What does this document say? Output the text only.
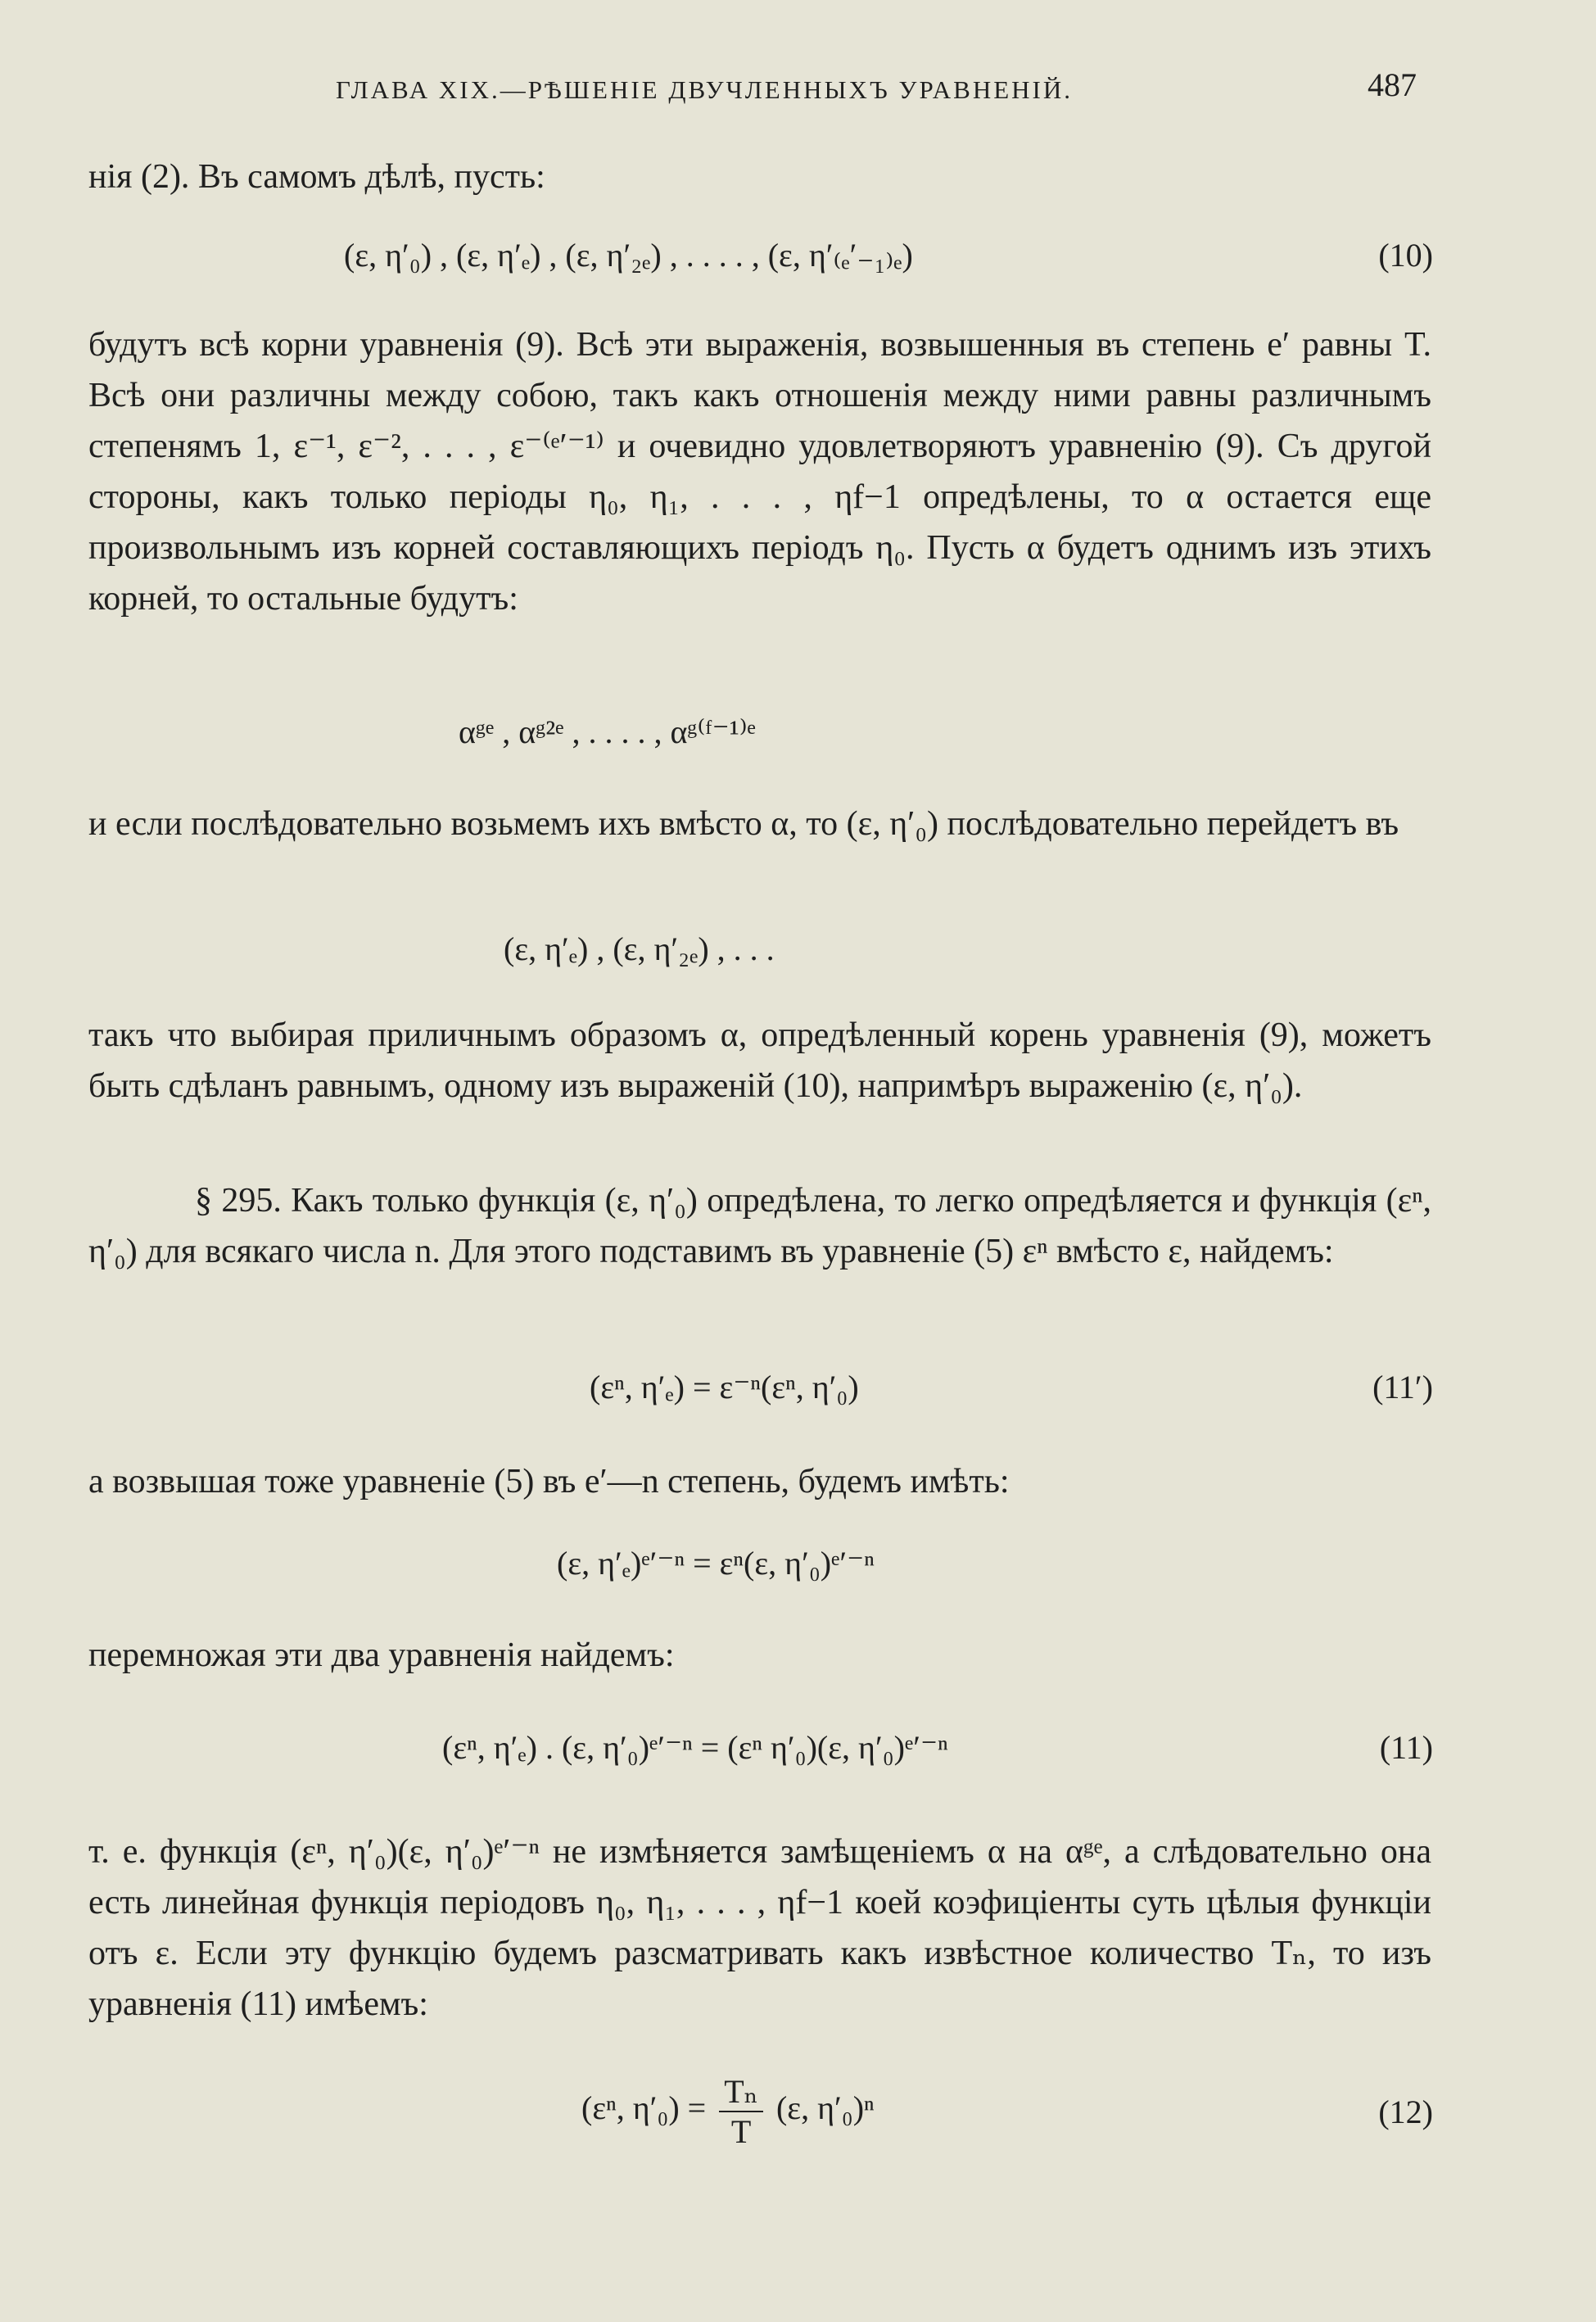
ГЛАВА XIX.—РѢШЕНІЕ ДВУЧЛЕННЫХЪ УРАВНЕНІЙ.	487
нія (2). Въ самомъ дѣлѣ, пусть:
(ε, η′₀) , (ε, η′ₑ) , (ε, η′₂ₑ) , . . . . , (ε, η′₍ₑ′₋₁₎ₑ)	(10)
будутъ всѣ корни уравненія (9). Всѣ эти выраженія, возвышенныя въ степень e′ равны T. Всѣ они различны между собою, такъ какъ отношенія между ними равны различнымъ степенямъ 1, ε⁻¹, ε⁻², . . . , ε⁻⁽ᵉ′⁻¹⁾ и очевидно удовлетворяютъ уравненію (9). Съ другой стороны, какъ только періоды η₀, η₁, . . . , ηf−1 опредѣлены, то α остается еще произвольнымъ изъ корней составляющихъ періодъ η₀. Пусть α будетъ однимъ изъ этихъ корней, то остальные будутъ:
αᵍᵉ , αᵍ²ᵉ , . . . . , αᵍ⁽ᶠ⁻¹⁾ᵉ
и если послѣдовательно возьмемъ ихъ вмѣсто α, то (ε, η′₀) послѣдовательно перейдетъ въ
(ε, η′ₑ) , (ε, η′₂ₑ) , . . .
такъ что выбирая приличнымъ образомъ α, опредѣленный корень уравненія (9), можетъ быть сдѣланъ равнымъ, одному изъ выраженій (10), напримѣръ выраженію (ε, η′₀).
§ 295. Какъ только функція (ε, η′₀) опредѣлена, то легко опредѣляется и функція (εⁿ, η′₀) для всякаго числа n. Для этого подставимъ въ уравненіе (5) εⁿ вмѣсто ε, найдемъ:
(εⁿ, η′ₑ) = ε⁻ⁿ(εⁿ, η′₀)	(11′)
а возвышая тоже уравненіе (5) въ e′—n степень, будемъ имѣть:
(ε, η′ₑ)ᵉ′⁻ⁿ = εⁿ(ε, η′₀)ᵉ′⁻ⁿ
перемножая эти два уравненія найдемъ:
(εⁿ, η′ₑ) . (ε, η′₀)ᵉ′⁻ⁿ = (εⁿ η′₀)(ε, η′₀)ᵉ′⁻ⁿ	(11)
т. е. функція (εⁿ, η′₀)(ε, η′₀)ᵉ′⁻ⁿ не измѣняется замѣщеніемъ α на αᵍᵉ, а слѣдовательно она есть линейная функція періодовъ η₀, η₁, . . . , ηf−1 коей коэфиціенты суть цѣлыя функціи отъ ε. Если эту функцію будемъ разсматривать какъ извѣстное количество Tₙ, то изъ уравненія (11) имѣемъ:
(εⁿ, $\eta'_0) = \frac{\text{Tₙ}}{T} (\varepsilon$, η′₀)ⁿ	(12)
